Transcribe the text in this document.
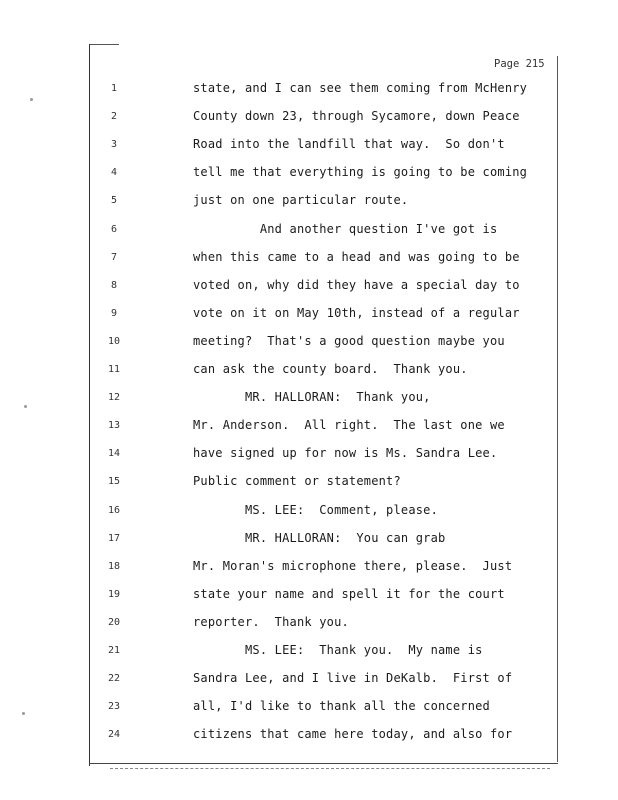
Page 215
1	state, and I can see them coming from McHenry
2	County down 23, through Sycamore, down Peace
3	Road into the landfill that way.  So don't
4	tell me that everything is going to be coming
5	just on one particular route.
6	And another question I've got is
7	when this came to a head and was going to be
8	voted on, why did they have a special day to
9	vote on it on May 10th, instead of a regular
10	meeting?  That's a good question maybe you
11	can ask the county board.  Thank you.
12	MR. HALLORAN:  Thank you,
13	Mr. Anderson.  All right.  The last one we
14	have signed up for now is Ms. Sandra Lee.
15	Public comment or statement?
16	MS. LEE:  Comment, please.
17	MR. HALLORAN:  You can grab
18	Mr. Moran's microphone there, please.  Just
19	state your name and spell it for the court
20	reporter.  Thank you.
21	MS. LEE:  Thank you.  My name is
22	Sandra Lee, and I live in DeKalb.  First of
23	all, I'd like to thank all the concerned
24	citizens that came here today, and also for
